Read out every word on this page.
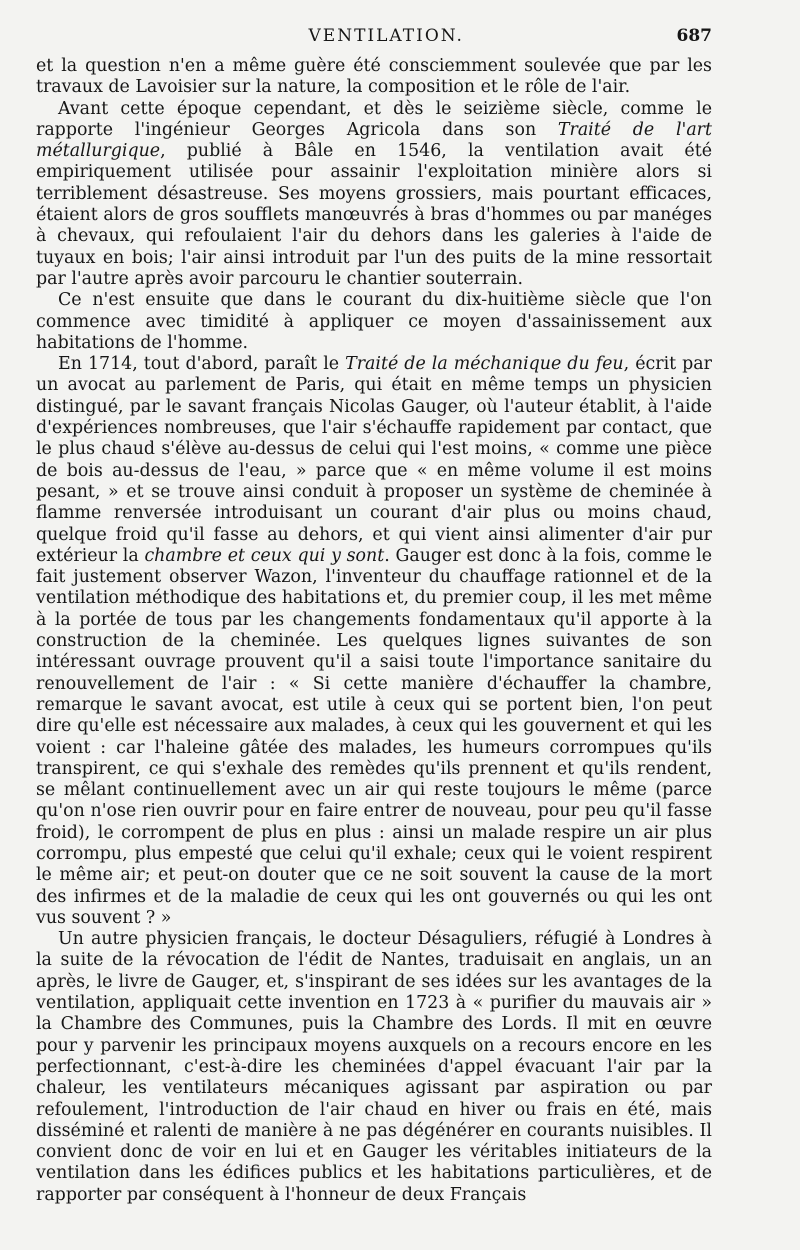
VENTILATION.	687

et la question n'en a même guère été consciemment soulevée que par les travaux de Lavoisier sur la nature, la composition et le rôle de l'air.

Avant cette époque cependant, et dès le seizième siècle, comme le rapporte l'ingénieur Georges Agricola dans son Traité de l'art métallurgique, publié à Bâle en 1546, la ventilation avait été empiriquement utilisée pour assainir l'exploitation minière alors si terriblement désastreuse. Ses moyens grossiers, mais pourtant efficaces, étaient alors de gros soufflets manœuvrés à bras d'hommes ou par manéges à chevaux, qui refoulaient l'air du dehors dans les galeries à l'aide de tuyaux en bois; l'air ainsi introduit par l'un des puits de la mine ressortait par l'autre après avoir parcouru le chantier souterrain.

Ce n'est ensuite que dans le courant du dix-huitième siècle que l'on commence avec timidité à appliquer ce moyen d'assainissement aux habitations de l'homme.

En 1714, tout d'abord, paraît le Traité de la méchanique du feu, écrit par un avocat au parlement de Paris, qui était en même temps un physicien distingué, par le savant français Nicolas Gauger, où l'auteur établit, à l'aide d'expériences nombreuses, que l'air s'échauffe rapidement par contact, que le plus chaud s'élève au-dessus de celui qui l'est moins, « comme une pièce de bois au-dessus de l'eau, » parce que « en même volume il est moins pesant, » et se trouve ainsi conduit à proposer un système de cheminée à flamme renversée introduisant un courant d'air plus ou moins chaud, quelque froid qu'il fasse au dehors, et qui vient ainsi alimenter d'air pur extérieur la chambre et ceux qui y sont. Gauger est donc à la fois, comme le fait justement observer Wazon, l'inventeur du chauffage rationnel et de la ventilation méthodique des habitations et, du premier coup, il les met même à la portée de tous par les changements fondamentaux qu'il apporte à la construction de la cheminée. Les quelques lignes suivantes de son intéressant ouvrage prouvent qu'il a saisi toute l'importance sanitaire du renouvellement de l'air : « Si cette manière d'échauffer la chambre, remarque le savant avocat, est utile à ceux qui se portent bien, l'on peut dire qu'elle est nécessaire aux malades, à ceux qui les gouvernent et qui les voient : car l'haleine gâtée des malades, les humeurs corrompues qu'ils transpirent, ce qui s'exhale des remèdes qu'ils prennent et qu'ils rendent, se mêlant continuellement avec un air qui reste toujours le même (parce qu'on n'ose rien ouvrir pour en faire entrer de nouveau, pour peu qu'il fasse froid), le corrompent de plus en plus : ainsi un malade respire un air plus corrompu, plus empesté que celui qu'il exhale; ceux qui le voient respirent le même air; et peut-on douter que ce ne soit souvent la cause de la mort des infirmes et de la maladie de ceux qui les ont gouvernés ou qui les ont vus souvent ? »

Un autre physicien français, le docteur Désaguliers, réfugié à Londres à la suite de la révocation de l'édit de Nantes, traduisait en anglais, un an après, le livre de Gauger, et, s'inspirant de ses idées sur les avantages de la ventilation, appliquait cette invention en 1723 à « purifier du mauvais air » la Chambre des Communes, puis la Chambre des Lords. Il mit en œuvre pour y parvenir les principaux moyens auxquels on a recours encore en les perfectionnant, c'est-à-dire les cheminées d'appel évacuant l'air par la chaleur, les ventilateurs mécaniques agissant par aspiration ou par refoulement, l'introduction de l'air chaud en hiver ou frais en été, mais disséminé et ralenti de manière à ne pas dégénérer en courants nuisibles. Il convient donc de voir en lui et en Gauger les véritables initiateurs de la ventilation dans les édifices publics et les habitations particulières, et de rapporter par conséquent à l'honneur de deux Français
